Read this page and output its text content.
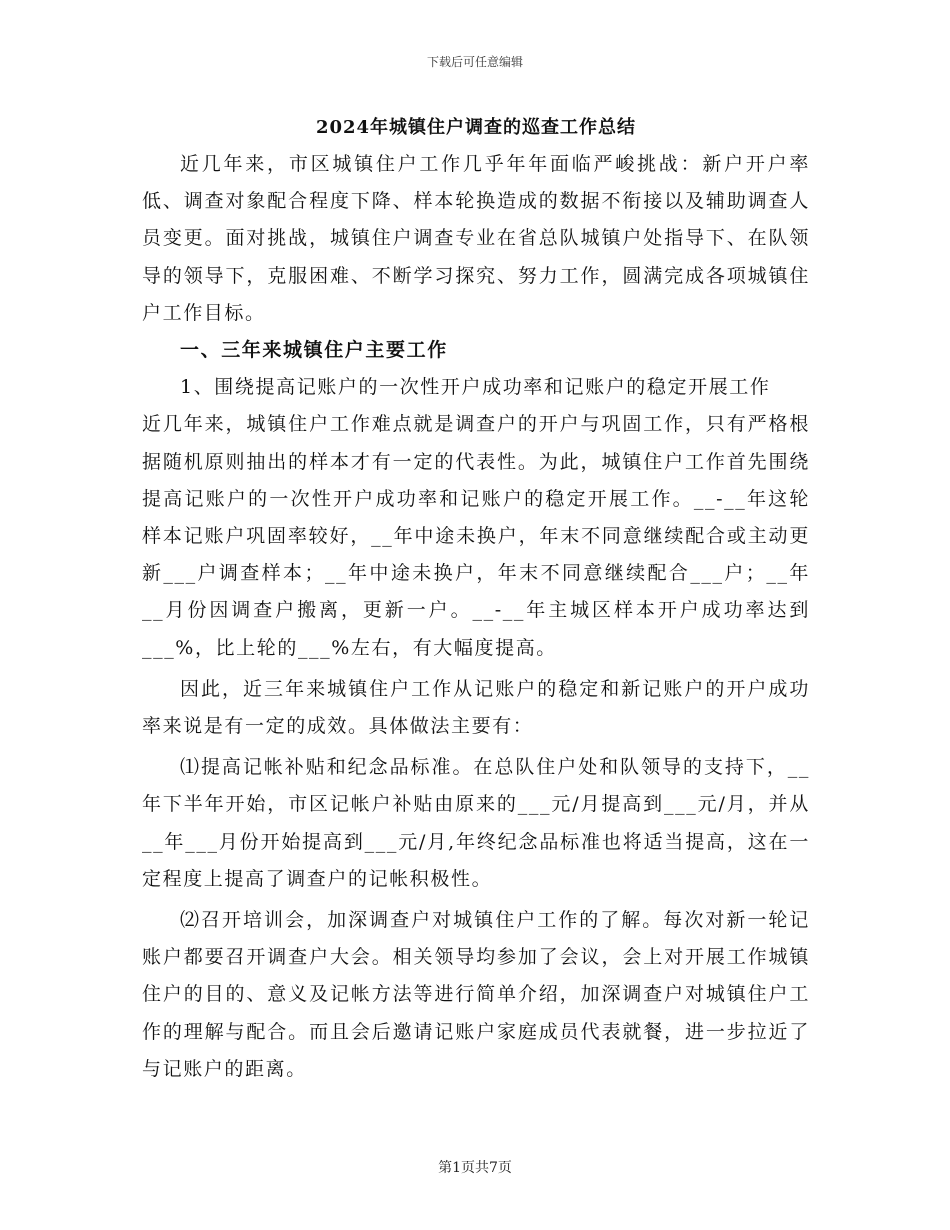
下载后可任意编辑
2024年城镇住户调查的巡查工作总结

近几年来，市区城镇住户工作几乎年年面临严峻挑战：新户开户率低、调查对象配合程度下降、样本轮换造成的数据不衔接以及辅助调查人员变更。面对挑战，城镇住户调查专业在省总队城镇户处指导下、在队领导的领导下，克服困难、不断学习探究、努力工作，圆满完成各项城镇住户工作目标。

一、三年来城镇住户主要工作

1、围绕提高记账户的一次性开户成功率和记账户的稳定开展工作

近几年来，城镇住户工作难点就是调查户的开户与巩固工作，只有严格根据随机原则抽出的样本才有一定的代表性。为此，城镇住户工作首先围绕提高记账户的一次性开户成功率和记账户的稳定开展工作。__-__年这轮样本记账户巩固率较好，__年中途未换户，年末不同意继续配合或主动更新___户调查样本；__年中途未换户，年末不同意继续配合___户；__年__月份因调查户搬离，更新一户。__-__年主城区样本开户成功率达到___%，比上轮的___%左右，有大幅度提高。

因此，近三年来城镇住户工作从记账户的稳定和新记账户的开户成功率来说是有一定的成效。具体做法主要有：

⑴提高记帐补贴和纪念品标准。在总队住户处和队领导的支持下，__年下半年开始，市区记帐户补贴由原来的___元/月提高到___元/月，并从__年___月份开始提高到___元/月,年终纪念品标准也将适当提高，这在一定程度上提高了调查户的记帐积极性。

⑵召开培训会，加深调查户对城镇住户工作的了解。每次对新一轮记账户都要召开调查户大会。相关领导均参加了会议，会上对开展工作城镇住户的目的、意义及记帐方法等进行简单介绍，加深调查户对城镇住户工作的理解与配合。而且会后邀请记账户家庭成员代表就餐，进一步拉近了与记账户的距离。

第1页共7页
